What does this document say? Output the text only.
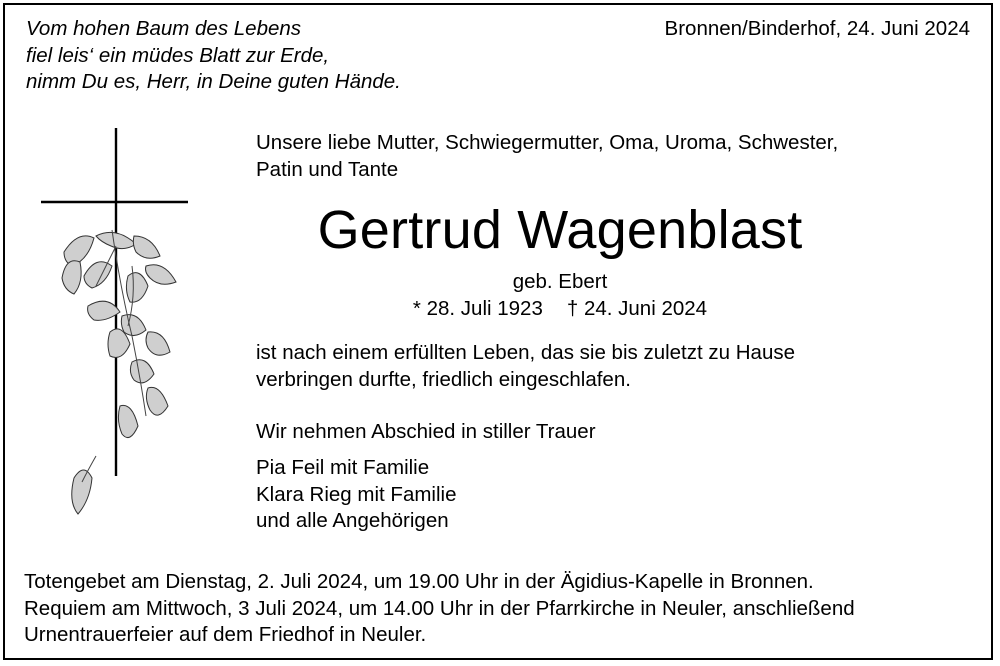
Vom hohen Baum des Lebens
fiel leis‘ ein müdes Blatt zur Erde,
nimm Du es, Herr, in Deine guten Hände.
Bronnen/Binderhof, 24. Juni 2024
Unsere liebe Mutter, Schwiegermutter, Oma, Uroma, Schwester,
Patin und Tante
Gertrud Wagenblast
geb. Ebert
* 28. Juli 1923 † 24. Juni 2024
ist nach einem erfüllten Leben, das sie bis zuletzt zu Hause
verbringen durfte, friedlich eingeschlafen.
Wir nehmen Abschied in stiller Trauer
Pia Feil mit Familie
Klara Rieg mit Familie
und alle Angehörigen
Totengebet am Dienstag, 2. Juli 2024, um 19.00 Uhr in der Ägidius-Kapelle in Bronnen.
Requiem am Mittwoch, 3 Juli 2024, um 14.00 Uhr in der Pfarrkirche in Neuler, anschließend
Urnentrauerfeier auf dem Friedhof in Neuler.
